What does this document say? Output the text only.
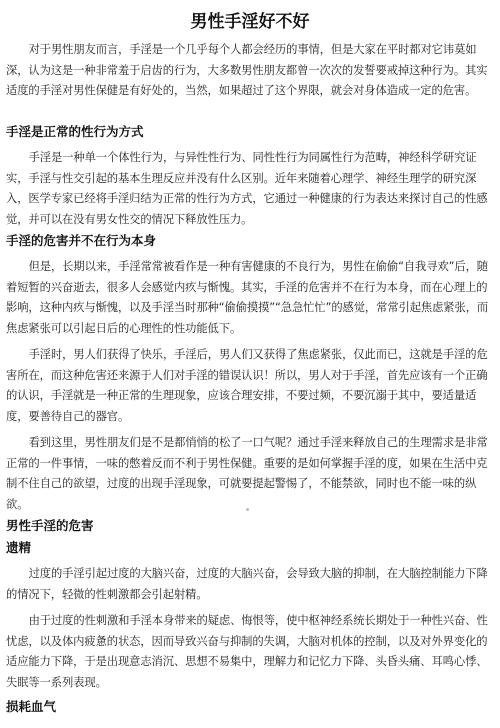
男性手淫好不好

对于男性朋友而言，手淫是一个几乎每个人都会经历的事情，但是大家在平时都对它讳莫如深，认为这是一种非常羞于启齿的行为，大多数男性朋友都曾一次次的发誓要戒掉这种行为。其实适度的手淫对男性保健是有好处的，当然，如果超过了这个界限，就会对身体造成一定的危害。

手淫是正常的性行为方式

手淫是一种单一个体性行为，与异性性行为、同性性行为同属性行为范畴，神经科学研究证实，手淫与性交引起的基本生理反应并没有什么区别。近年来随着心理学、神经生理学的研究深入，医学专家已经将手淫归结为正常的性行为方式，它通过一种健康的行为表达来探讨自己的性感觉，并可以在没有男女性交的情况下释放性压力。

手淫的危害并不在行为本身

但是，长期以来，手淫常常被看作是一种有害健康的不良行为，男性在偷偷“自我寻欢”后，随着短暂的兴奋逝去，很多人会感觉内疚与惭愧。其实，手淫的危害并不在行为本身，而在心理上的影响，这种内疚与惭愧，以及手淫当时那种“偷偷摸摸”“急急忙忙”的感觉，常常引起焦虑紧张，而焦虑紧张可以引起日后的心理性的性功能低下。

手淫时，男人们获得了快乐，手淫后，男人们又获得了焦虑紧张，仅此而已，这就是手淫的危害所在，而这种危害还来源于人们对手淫的错误认识！所以，男人对于手淫，首先应该有一个正确的认识，手淫就是一种正常的生理现象，应该合理安排，不要过频，不要沉溺于其中，要适量适度，要善待自己的器官。

看到这里，男性朋友们是不是都悄悄的松了一口气呢？通过手淫来释放自己的生理需求是非常正常的一件事情，一味的憋着反而不利于男性保健。重要的是如何掌握手淫的度，如果在生活中克制不住自己的欲望，过度的出现手淫现象，可就要提起警惕了，不能禁欲，同时也不能一味的纵欲。

男性手淫的危害

遗精

过度的手淫引起过度的大脑兴奋，过度的大脑兴奋，会导致大脑的抑制，在大脑控制能力下降的情况下，轻微的性刺激都会引起射精。

由于过度的性刺激和手淫本身带来的疑虑、悔恨等，使中枢神经系统长期处于一种性兴奋、性忧虑，以及体内疲惫的状态，因而导致兴奋与抑制的失调，大脑对机体的控制，以及对外界变化的适应能力下降，于是出现意志消沉、思想不易集中，理解力和记忆力下降、头昏头痛、耳鸣心悸、失眠等一系列表现。

损耗血气
